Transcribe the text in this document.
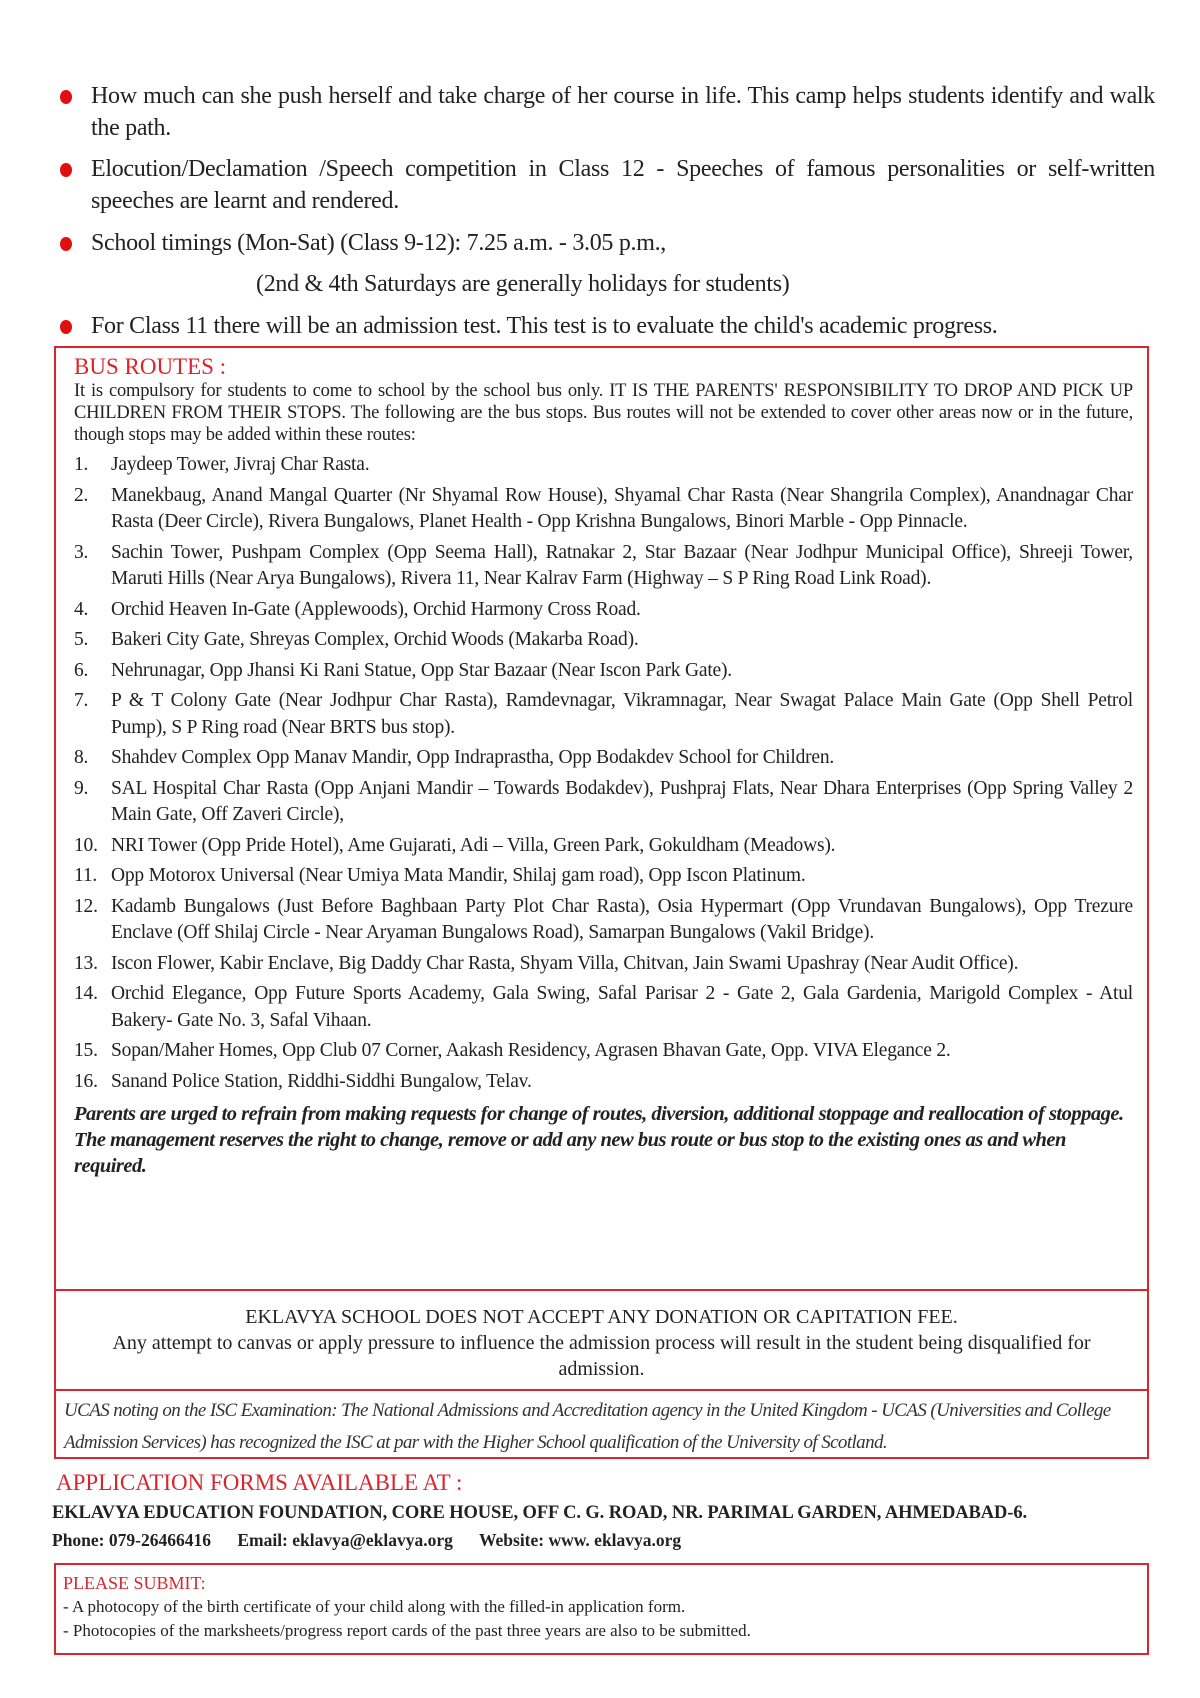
How much can she push herself and take charge of her course in life. This camp helps students identify and walk the path.
Elocution/Declamation /Speech competition in Class 12 - Speeches of famous personalities or self-written speeches are learnt and rendered.
School timings (Mon-Sat) (Class 9-12): 7.25 a.m. - 3.05 p.m.,
(2nd & 4th Saturdays are generally holidays for students)
For Class 11 there will be an admission test. This test is to evaluate the child's academic progress.
BUS ROUTES :
It is compulsory for students to come to school by the school bus only. IT IS THE PARENTS' RESPONSIBILITY TO DROP AND PICK UP CHILDREN FROM THEIR STOPS. The following are the bus stops. Bus routes will not be extended to cover other areas now or in the future, though stops may be added within these routes:
1. Jaydeep Tower, Jivraj Char Rasta.
2. Manekbaug, Anand Mangal Quarter (Nr Shyamal Row House), Shyamal Char Rasta (Near Shangrila Complex), Anandnagar Char Rasta (Deer Circle), Rivera Bungalows, Planet Health - Opp Krishna Bungalows, Binori Marble - Opp Pinnacle.
3. Sachin Tower, Pushpam Complex (Opp Seema Hall), Ratnakar 2, Star Bazaar (Near Jodhpur Municipal Office), Shreeji Tower, Maruti Hills (Near Arya Bungalows), Rivera 11, Near Kalrav Farm (Highway – S P Ring Road Link Road).
4. Orchid Heaven In-Gate (Applewoods), Orchid Harmony Cross Road.
5. Bakeri City Gate, Shreyas Complex, Orchid Woods (Makarba Road).
6. Nehrunagar, Opp Jhansi Ki Rani Statue, Opp Star Bazaar (Near Iscon Park Gate).
7. P & T Colony Gate (Near Jodhpur Char Rasta), Ramdevnagar, Vikramnagar, Near Swagat Palace Main Gate (Opp Shell Petrol Pump), S P Ring road (Near BRTS bus stop).
8. Shahdev Complex Opp Manav Mandir, Opp Indraprastha, Opp Bodakdev School for Children.
9. SAL Hospital Char Rasta (Opp Anjani Mandir – Towards Bodakdev), Pushpraj Flats, Near Dhara Enterprises (Opp Spring Valley 2 Main Gate, Off Zaveri Circle),
10. NRI Tower (Opp Pride Hotel), Ame Gujarati, Adi – Villa, Green Park, Gokuldham (Meadows).
11. Opp Motorox Universal (Near Umiya Mata Mandir, Shilaj gam road), Opp Iscon Platinum.
12. Kadamb Bungalows (Just Before Baghbaan Party Plot Char Rasta), Osia Hypermart (Opp Vrundavan Bungalows), Opp Trezure Enclave (Off Shilaj Circle - Near Aryaman Bungalows Road), Samarpan Bungalows (Vakil Bridge).
13. Iscon Flower, Kabir Enclave, Big Daddy Char Rasta, Shyam Villa, Chitvan, Jain Swami Upashray (Near Audit Office).
14. Orchid Elegance, Opp Future Sports Academy, Gala Swing, Safal Parisar 2 - Gate 2, Gala Gardenia, Marigold Complex - Atul Bakery- Gate No. 3, Safal Vihaan.
15. Sopan/Maher Homes, Opp Club 07 Corner, Aakash Residency, Agrasen Bhavan Gate, Opp. VIVA Elegance 2.
16. Sanand Police Station, Riddhi-Siddhi Bungalow, Telav.
Parents are urged to refrain from making requests for change of routes, diversion, additional stoppage and reallocation of stoppage. The management reserves the right to change, remove or add any new bus route or bus stop to the existing ones as and when required.
EKLAVYA SCHOOL DOES NOT ACCEPT ANY DONATION OR CAPITATION FEE.
Any attempt to canvas or apply pressure to influence the admission process will result in the student being disqualified for admission.
UCAS noting on the ISC Examination: The National Admissions and Accreditation agency in the United Kingdom - UCAS (Universities and College Admission Services) has recognized the ISC at par with the Higher School qualification of the University of Scotland.
APPLICATION FORMS AVAILABLE AT :
EKLAVYA EDUCATION FOUNDATION, CORE HOUSE, OFF C. G. ROAD, NR. PARIMAL GARDEN, AHMEDABAD-6.
Phone: 079-26466416 Email: eklavya@eklavya.org Website: www. eklavya.org
PLEASE SUBMIT:
- A photocopy of the birth certificate of your child along with the filled-in application form.
- Photocopies of the marksheets/progress report cards of the past three years are also to be submitted.
